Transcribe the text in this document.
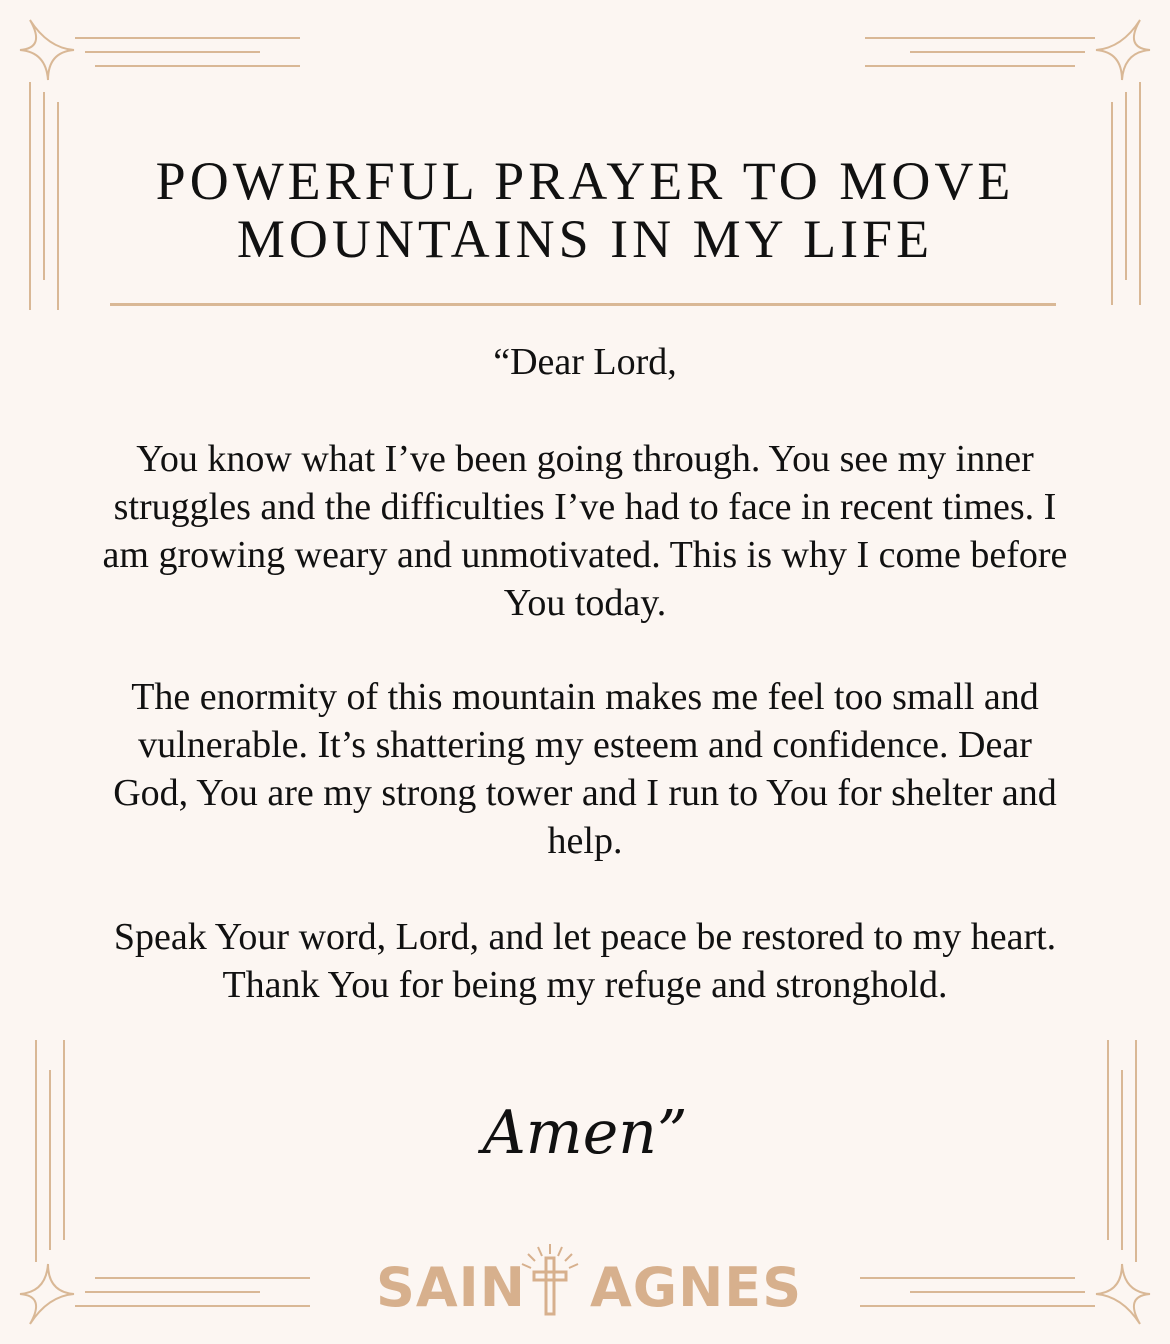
POWERFUL PRAYER TO MOVE
MOUNTAINS IN MY LIFE

“Dear Lord,

You know what I’ve been going through. You see my inner struggles and the difficulties I’ve had to face in recent times. I am growing weary and unmotivated. This is why I come before You today.

The enormity of this mountain makes me feel too small and vulnerable. It’s shattering my esteem and confidence. Dear God, You are my strong tower and I run to You for shelter and help.

Speak Your word, Lord, and let peace be restored to my heart. Thank You for being my refuge and stronghold.

Amen”

SAIN AGNES
